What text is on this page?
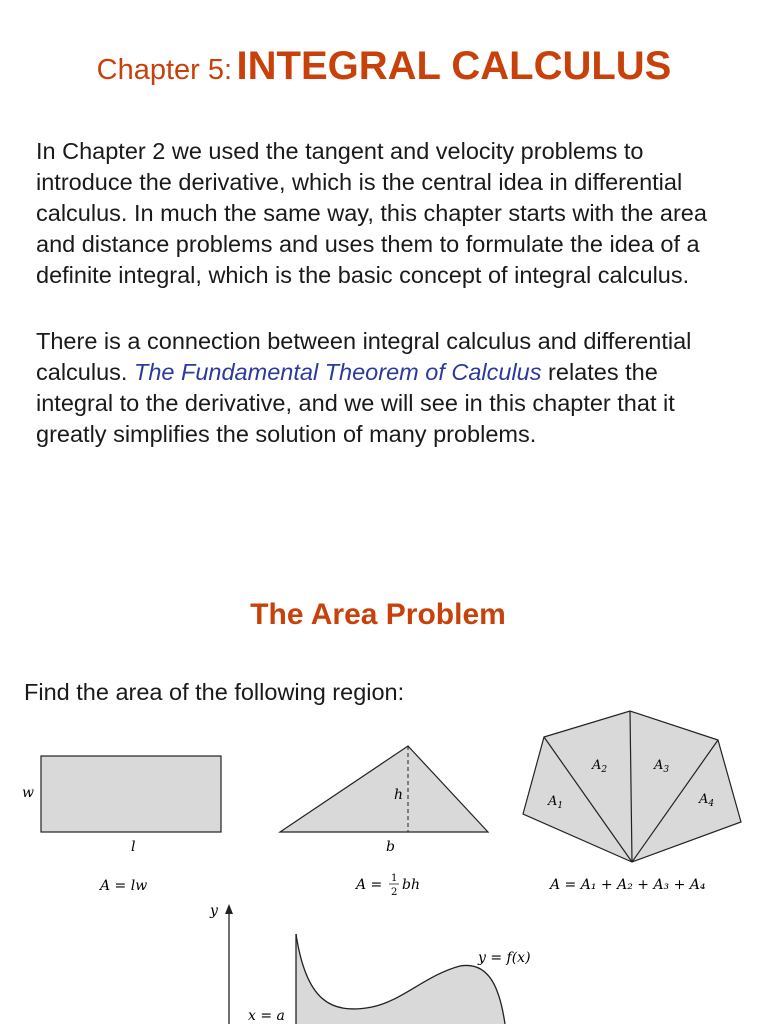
Chapter 5: INTEGRAL CALCULUS

In Chapter 2 we used the tangent and velocity problems to introduce the derivative, which is the central idea in differential calculus. In much the same way, this chapter starts with the area and distance problems and uses them to formulate the idea of a definite integral, which is the basic concept of integral calculus.

There is a connection between integral calculus and differential calculus. The Fundamental Theorem of Calculus relates the integral to the derivative, and we will see in this chapter that it greatly simplifies the solution of many problems.

The Area Problem

Find the area of the following region:

w
l
A = lw
h
b
A = 1
2 bh
$A_1$
$A_2$	$A_3$
$A_4$
A = A₁ + A₂ + A₃ + A₄
y
y = f(x)
x = a
